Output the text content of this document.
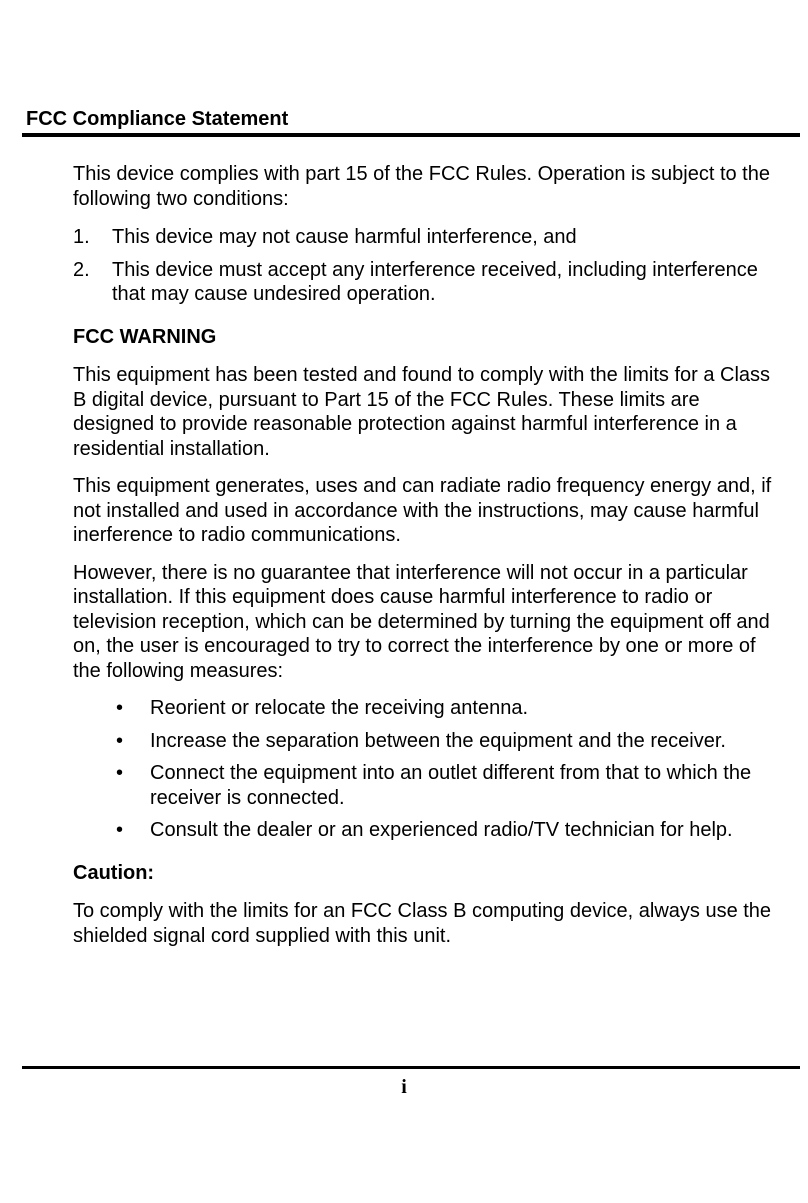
FCC Compliance Statement

This device complies with part 15 of the FCC Rules. Operation is subject to the following two conditions:

1. This device may not cause harmful interference, and
2. This device must accept any interference received, including interference that may cause undesired operation.

FCC WARNING

This equipment has been tested and found to comply with the limits for a Class B digital device, pursuant to Part 15 of the FCC Rules. These limits are designed to provide reasonable protection against harmful interference in a residential installation.

This equipment generates, uses and can radiate radio frequency energy and, if not installed and used in accordance with the instructions, may cause harmful inerference to radio communications.

However, there is no guarantee that interference will not occur in a particular installation. If this equipment does cause harmful interference to radio or television reception, which can be determined by turning the equipment off and on, the user is encouraged to try to correct the interference by one or more of the following measures:

• Reorient or relocate the receiving antenna.
• Increase the separation between the equipment and the receiver.
• Connect the equipment into an outlet different from that to which the receiver is connected.
• Consult the dealer or an experienced radio/TV technician for help.

Caution:

To comply with the limits for an FCC Class B computing device, always use the shielded signal cord supplied with this unit.

i
